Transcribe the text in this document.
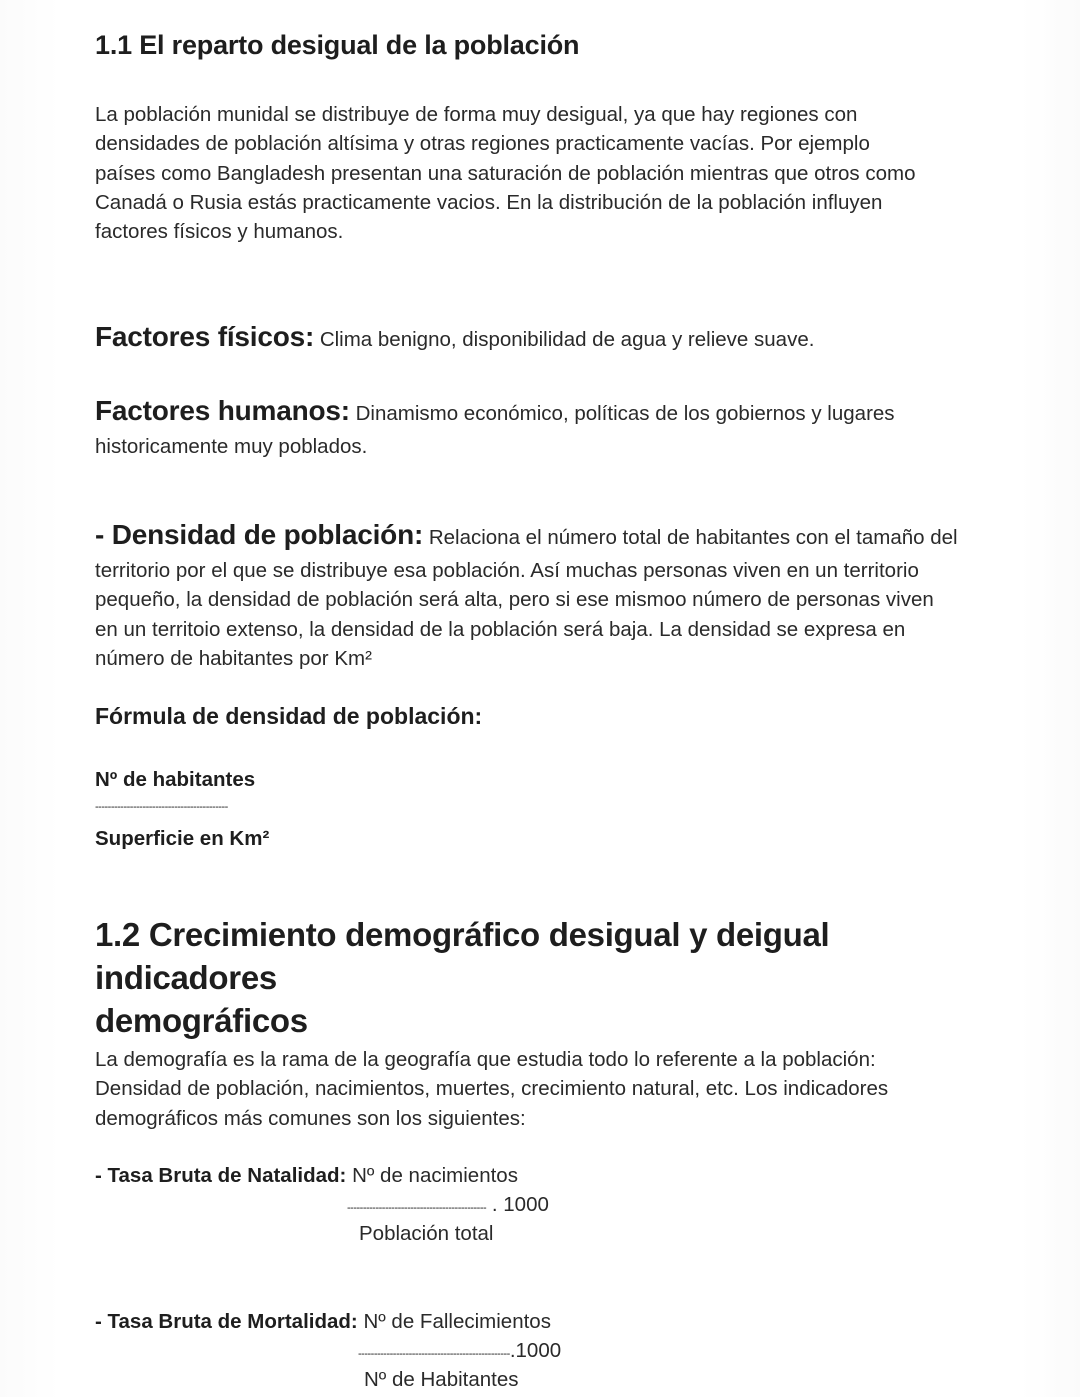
1.1 El reparto desigual de la población
La población munidal se distribuye de forma muy desigual, ya que hay regiones con
densidades de población altísima y otras regiones practicamente vacías. Por ejemplo
países como Bangladesh presentan una saturación de población mientras que otros como
Canadá o Rusia estás practicamente vacios. En la distribución de la población influyen
factores físicos y humanos.
Factores físicos: Clima benigno, disponibilidad de agua y relieve suave.
Factores humanos: Dinamismo económico, políticas de los gobiernos y lugares
historicamente muy poblados.
- Densidad de población: Relaciona el número total de habitantes con el tamaño del
territorio por el que se distribuye esa población. Así muchas personas viven en un territorio
pequeño, la densidad de población será alta, pero si ese mismoo número de personas viven
en un territoio extenso, la densidad de la población será baja. La densidad se expresa en
número de habitantes por Km²
Fórmula de densidad de población:
Nº de habitantes
------------------------------------------
Superficie en Km²
1.2 Crecimiento demográfico desigual y deigual indicadores
demográficos
La demografía es la rama de la geografía que estudia todo lo referente a la población:
Densidad de población, nacimientos, muertes, crecimiento natural, etc. Los indicadores
demográficos más comunes son los siguientes:
- Tasa Bruta de Natalidad: Nº de nacimientos
-------------------------------------------- . 1000
Población total
- Tasa Bruta de Mortalidad: Nº de Fallecimientos
------------------------------------------------.1000
Nº de Habitantes
